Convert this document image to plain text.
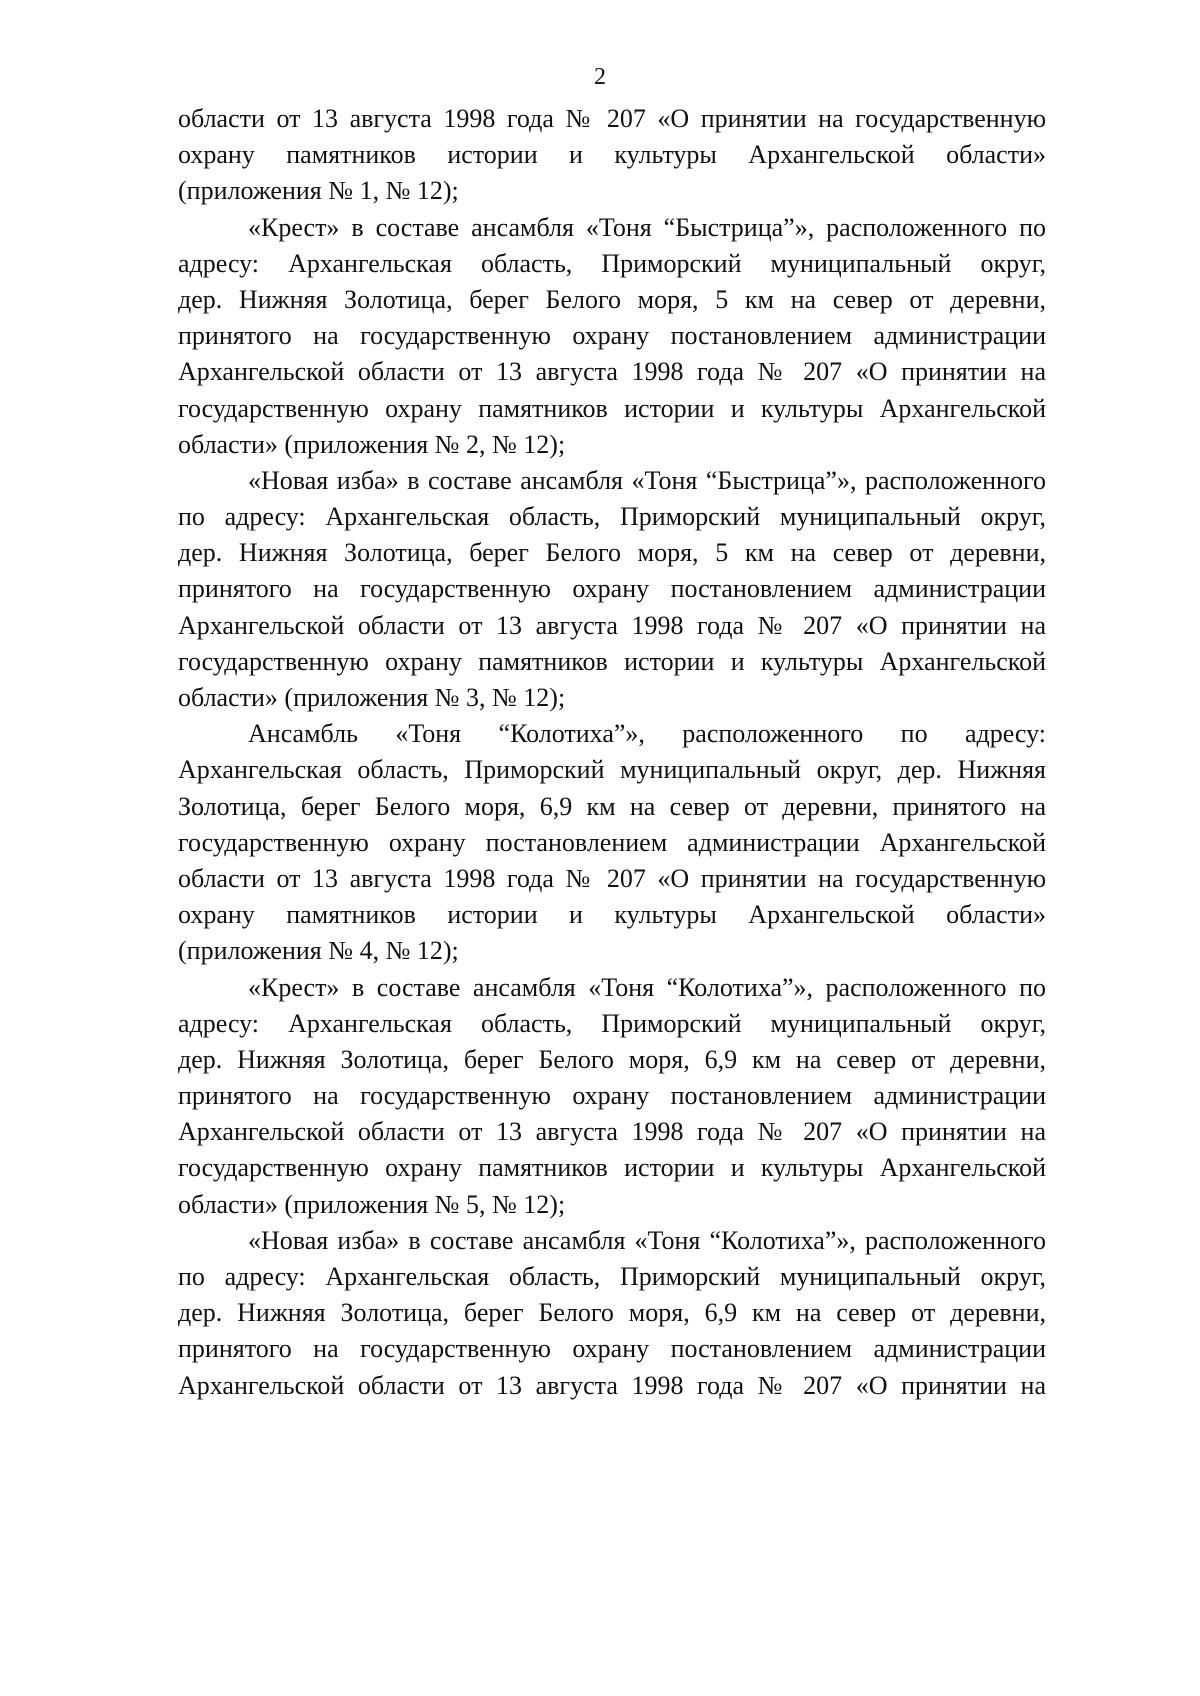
2
области от 13 августа 1998 года № 207 «О принятии на государственную
охрану памятников истории и культуры Архангельской области»
(приложения № 1, № 12);
«Крест» в составе ансамбля «Тоня “Быстрица”», расположенного по
адресу: Архангельская область, Приморский муниципальный округ,
дер. Нижняя Золотица, берег Белого моря, 5 км на север от деревни,
принятого на государственную охрану постановлением администрации
Архангельской области от 13 августа 1998 года № 207 «О принятии на
государственную охрану памятников истории и культуры Архангельской
области» (приложения № 2, № 12);
«Новая изба» в составе ансамбля «Тоня “Быстрица”», расположенного
по адресу: Архангельская область, Приморский муниципальный округ,
дер. Нижняя Золотица, берег Белого моря, 5 км на север от деревни,
принятого на государственную охрану постановлением администрации
Архангельской области от 13 августа 1998 года № 207 «О принятии на
государственную охрану памятников истории и культуры Архангельской
области» (приложения № 3, № 12);
Ансамбль «Тоня “Колотиха”», расположенного по адресу:
Архангельская область, Приморский муниципальный округ, дер. Нижняя
Золотица, берег Белого моря, 6,9 км на север от деревни, принятого на
государственную охрану постановлением администрации Архангельской
области от 13 августа 1998 года № 207 «О принятии на государственную
охрану памятников истории и культуры Архангельской области»
(приложения № 4, № 12);
«Крест» в составе ансамбля «Тоня “Колотиха”», расположенного по
адресу: Архангельская область, Приморский муниципальный округ,
дер. Нижняя Золотица, берег Белого моря, 6,9 км на север от деревни,
принятого на государственную охрану постановлением администрации
Архангельской области от 13 августа 1998 года № 207 «О принятии на
государственную охрану памятников истории и культуры Архангельской
области» (приложения № 5, № 12);
«Новая изба» в составе ансамбля «Тоня “Колотиха”», расположенного
по адресу: Архангельская область, Приморский муниципальный округ,
дер. Нижняя Золотица, берег Белого моря, 6,9 км на север от деревни,
принятого на государственную охрану постановлением администрации
Архангельской области от 13 августа 1998 года № 207 «О принятии на
